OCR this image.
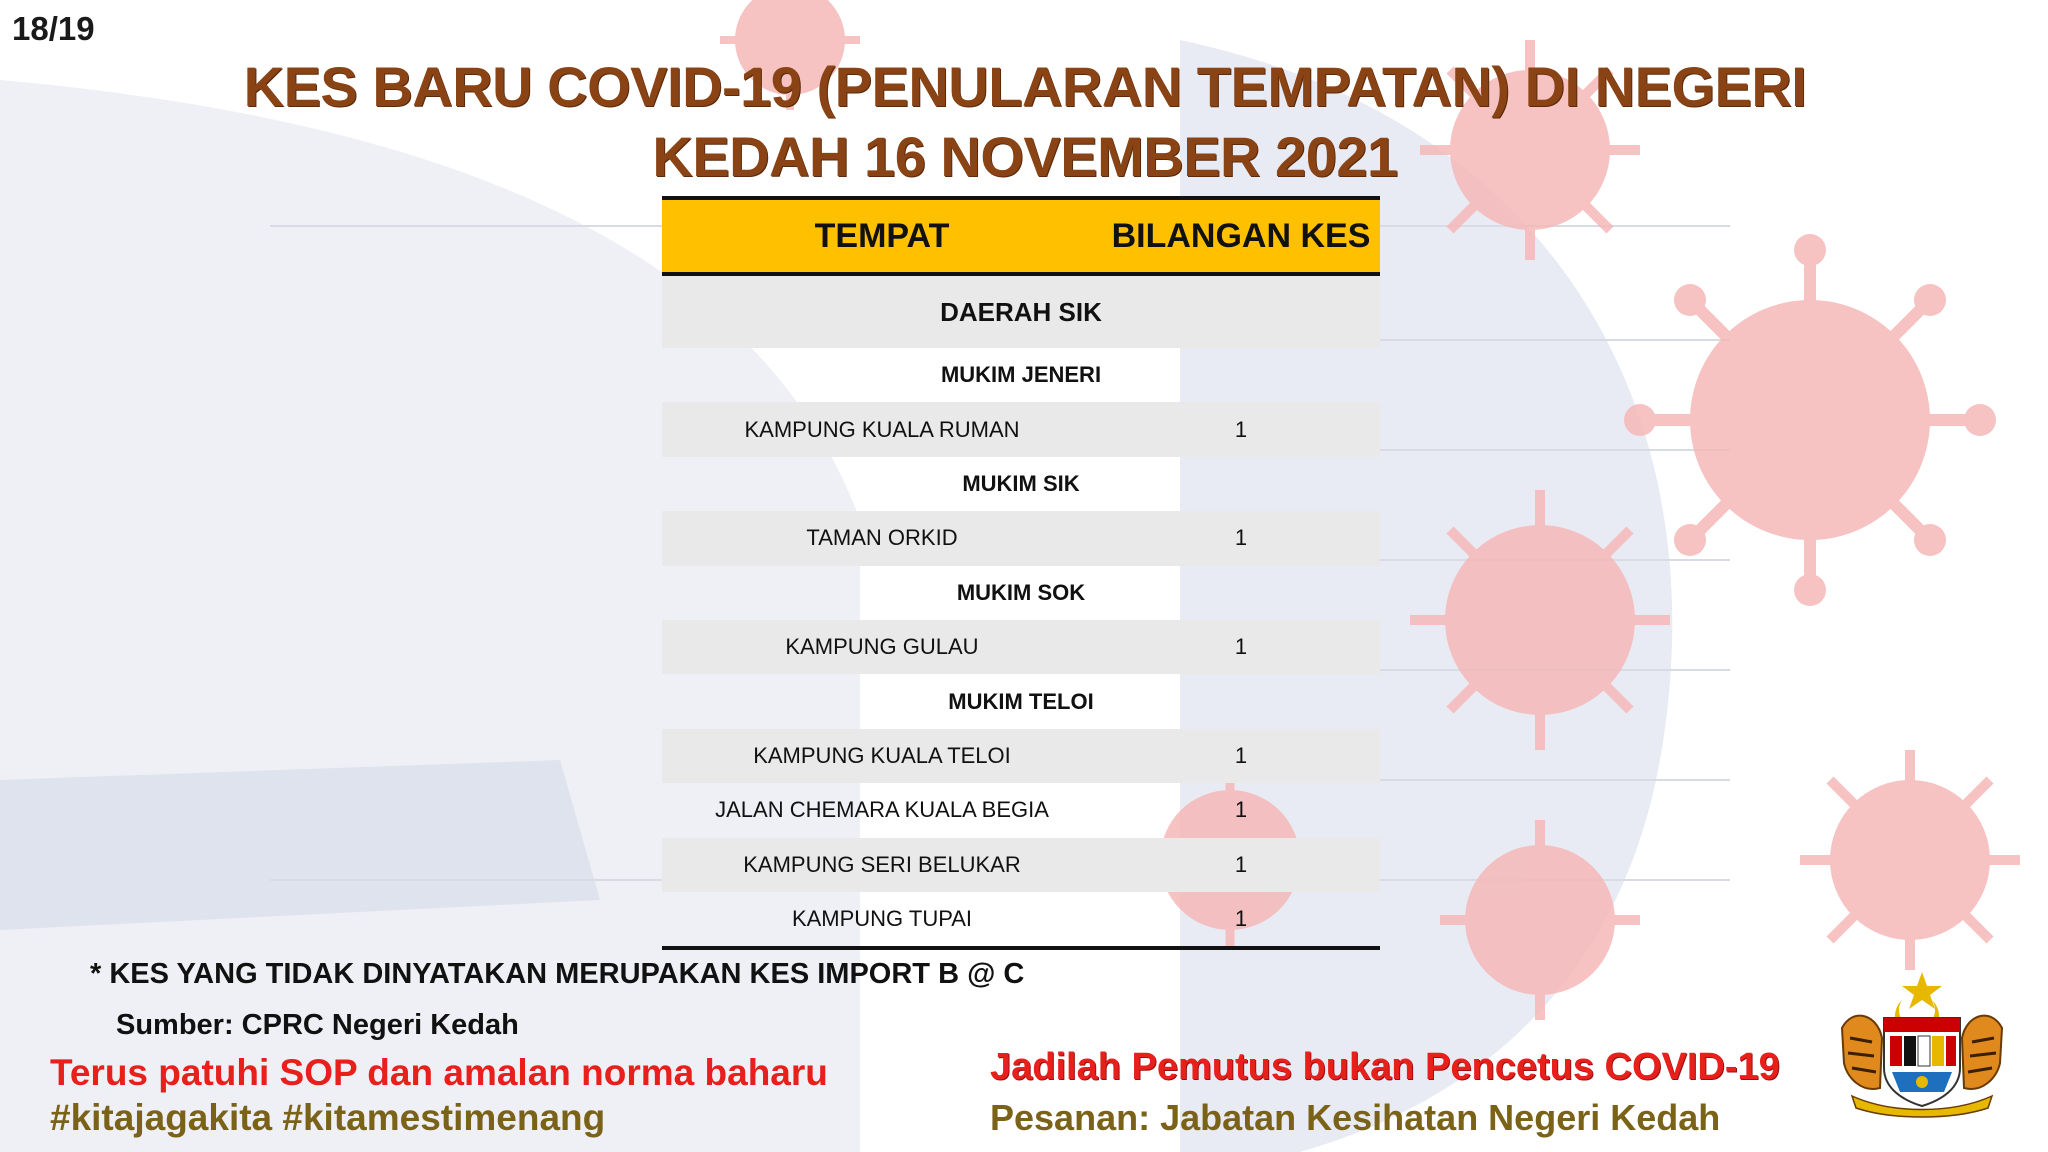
18/19
KES BARU COVID-19 (PENULARAN TEMPATAN) DI NEGERI
KEDAH 16 NOVEMBER 2021
TEMPAT	BILANGAN KES
DAERAH SIK
MUKIM JENERI
KAMPUNG KUALA RUMAN	1
MUKIM SIK
TAMAN ORKID	1
MUKIM SOK
KAMPUNG GULAU	1
MUKIM TELOI
KAMPUNG KUALA TELOI	1
JALAN CHEMARA KUALA BEGIA	1
KAMPUNG SERI BELUKAR	1
KAMPUNG TUPAI	1
* KES YANG TIDAK DINYATAKAN MERUPAKAN KES IMPORT B @ C
Sumber: CPRC Negeri Kedah
Terus patuhi SOP dan amalan norma baharu
#kitajagakita #kitamestimenang
Jadilah Pemutus bukan Pencetus COVID-19
Pesanan: Jabatan Kesihatan Negeri Kedah
